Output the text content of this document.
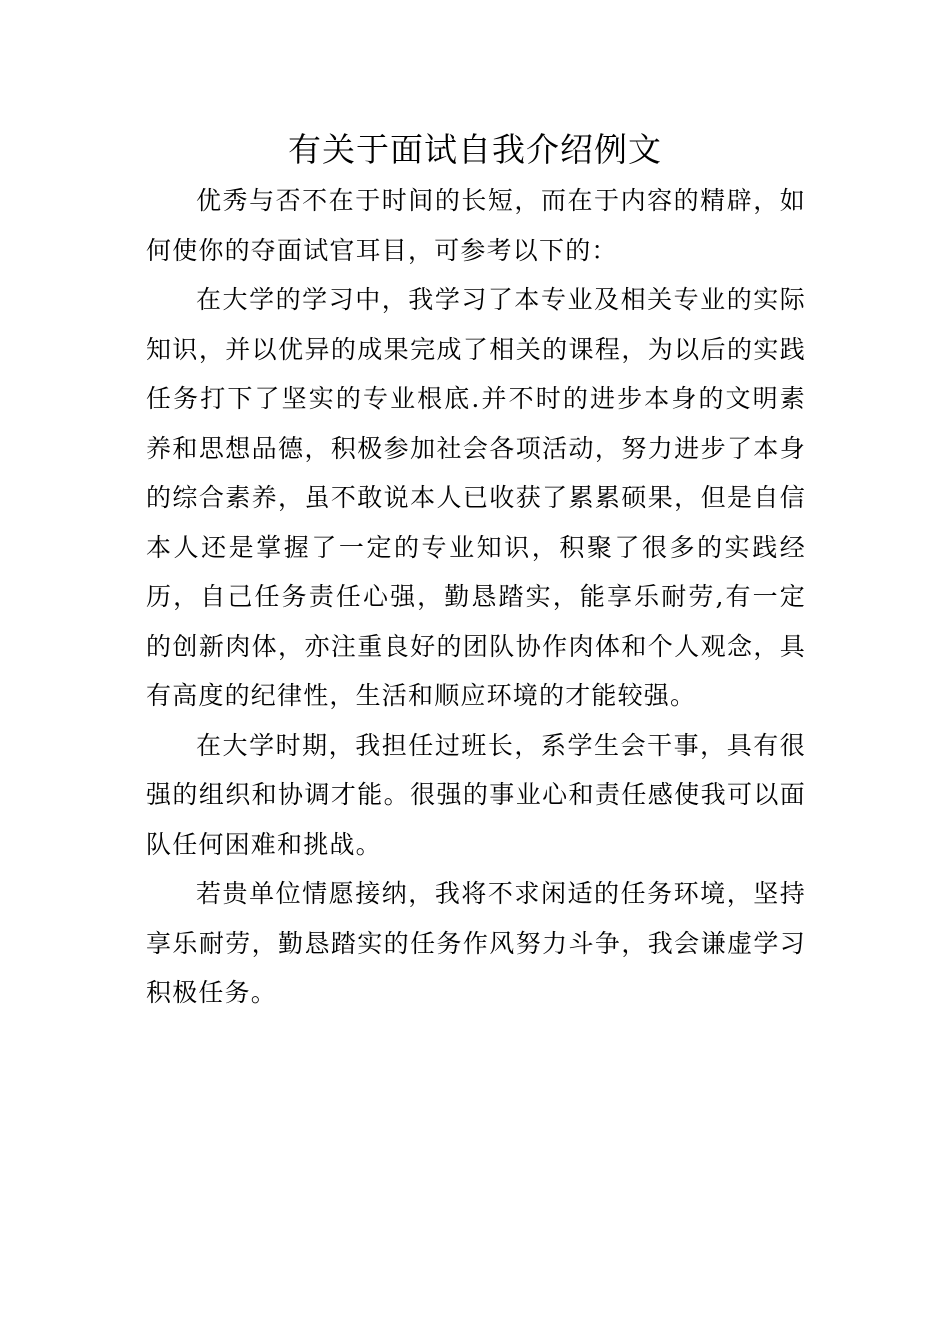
有关于面试自我介绍例文

优秀与否不在于时间的长短，而在于内容的精辟，如何使你的夺面试官耳目，可参考以下的：

在大学的学习中，我学习了本专业及相关专业的实际知识，并以优异的成果完成了相关的课程，为以后的实践任务打下了坚实的专业根底.并不时的进步本身的文明素养和思想品德，积极参加社会各项活动，努力进步了本身的综合素养，虽不敢说本人已收获了累累硕果，但是自信本人还是掌握了一定的专业知识，积聚了很多的实践经历，自己任务责任心强，勤恳踏实，能享乐耐劳,有一定的创新肉体，亦注重良好的团队协作肉体和个人观念，具有高度的纪律性，生活和顺应环境的才能较强。

在大学时期，我担任过班长，系学生会干事，具有很强的组织和协调才能。很强的事业心和责任感使我可以面队任何困难和挑战。

若贵单位情愿接纳，我将不求闲适的任务环境，坚持享乐耐劳，勤恳踏实的任务作风努力斗争，我会谦虚学习积极任务。
